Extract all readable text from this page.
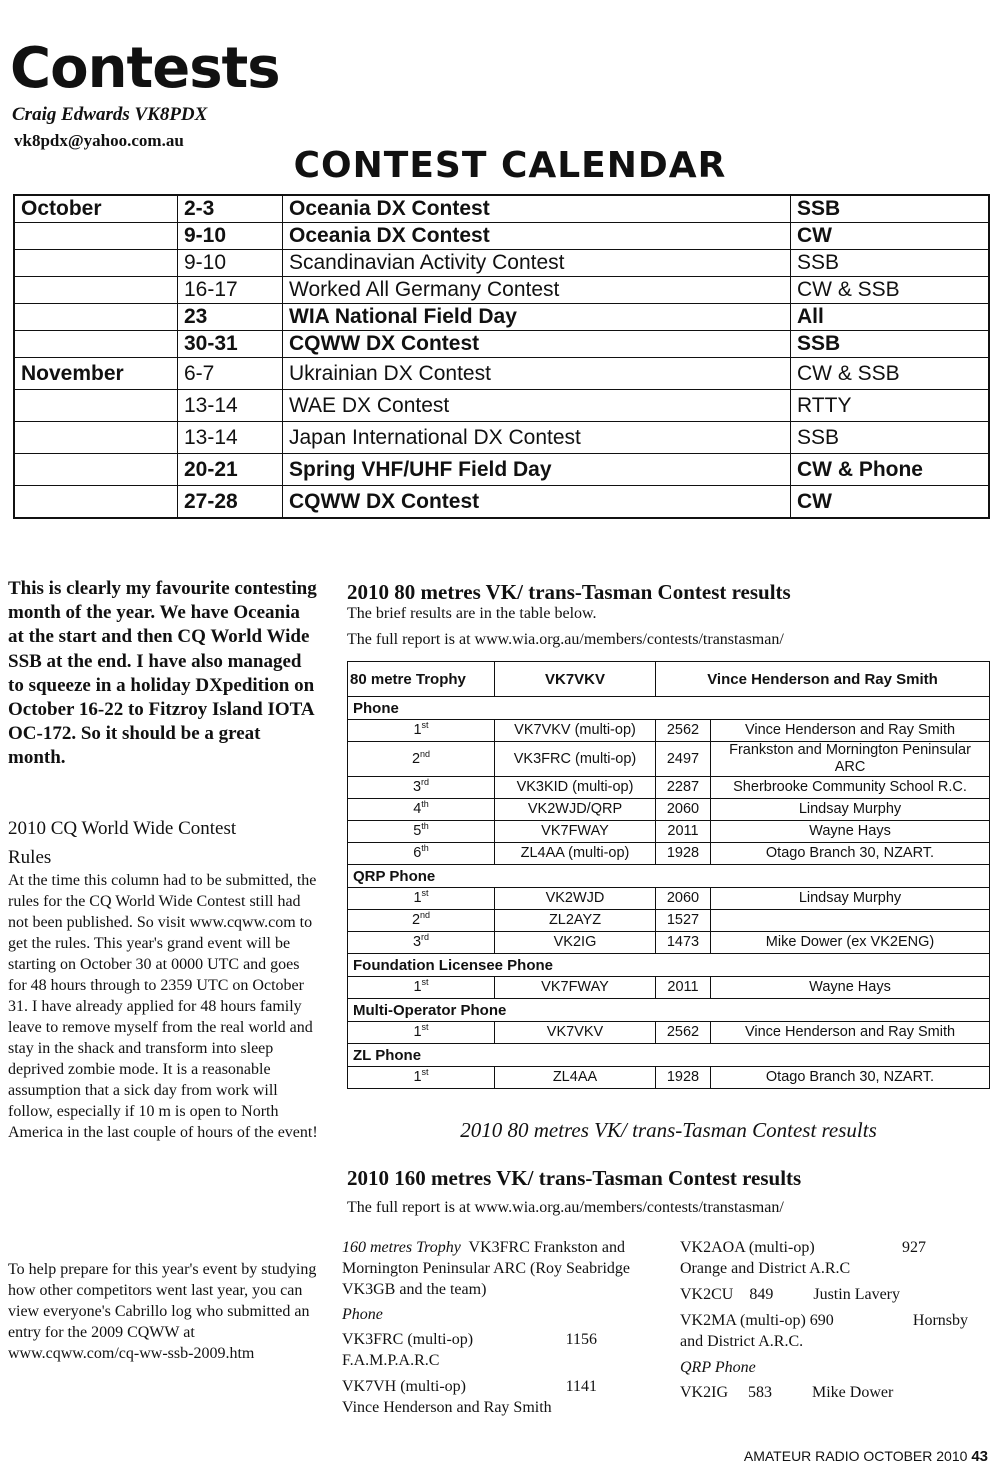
Contests
Craig Edwards VK8PDX
vk8pdx@yahoo.com.au
CONTEST CALENDAR
October	2-3	Oceania DX Contest	SSB
	9-10	Oceania DX Contest	CW
	9-10	Scandinavian Activity Contest	SSB
	16-17	Worked All Germany Contest	CW & SSB
	23	WIA National Field Day	All
	30-31	CQWW DX Contest	SSB
November	6-7	Ukrainian DX Contest	CW & SSB
	13-14	WAE DX Contest	RTTY
	13-14	Japan International DX Contest	SSB
	20-21	Spring VHF/UHF Field Day	CW & Phone
	27-28	CQWW DX Contest	CW
This is clearly my favourite contesting month of the year. We have Oceania at the start and then CQ World Wide SSB at the end. I have also managed to squeeze in a holiday DXpedition on October 16-22 to Fitzroy Island IOTA OC-172. So it should be a great month.
2010 CQ World Wide Contest
Rules
At the time this column had to be submitted, the rules for the CQ World Wide Contest still had not been published. So visit www.cqww.com to get the rules. This year's grand event will be starting on October 30 at 0000 UTC and goes for 48 hours through to 2359 UTC on October 31. I have already applied for 48 hours family leave to remove myself from the real world and stay in the shack and transform into sleep deprived zombie mode. It is a reasonable assumption that a sick day from work will follow, especially if 10 m is open to North America in the last couple of hours of the event!
To help prepare for this year's event by studying how other competitors went last year, you can view everyone's Cabrillo log who submitted an entry for the 2009 CQWW at www.cqww.com/cq-ww-ssb-2009.htm
2010 80 metres VK/ trans-Tasman Contest results
The brief results are in the table below.
The full report is at www.wia.org.au/members/contests/transtasman/
80 metre Trophy	VK7VKV	Vince Henderson and Ray Smith	
Phone			
1st	VK7VKV (multi-op)	2562	Vince Henderson and Ray Smith
2nd	VK3FRC (multi-op)	2497	Frankston and Mornington Peninsular ARC
3rd	VK3KID (multi-op)	2287	Sherbrooke Community School R.C.
4th	VK2WJD/QRP	2060	Lindsay Murphy
5th	VK7FWAY	2011	Wayne Hays
6th	ZL4AA (multi-op)	1928	Otago Branch 30, NZART.
QRP Phone			
1st	VK2WJD	2060	Lindsay Murphy
2nd	ZL2AYZ	1527	
3rd	VK2IG	1473	Mike Dower (ex VK2ENG)
Foundation Licensee Phone			
1st	VK7FWAY	2011	Wayne Hays
Multi-Operator Phone			
1st	VK7VKV	2562	Vince Henderson and Ray Smith
ZL Phone			
1st	ZL4AA	1928	Otago Branch 30, NZART.
2010 80 metres VK/ trans-Tasman Contest results
2010 160 metres VK/ trans-Tasman Contest results
The full report is at www.wia.org.au/members/contests/transtasman/

160 metres Trophy VK3FRC Frankston and Mornington Peninsular ARC (Roy Seabridge VK3GB and the team)

Phone

VK3FRC (multi-op)	1156

F.A.M.P.A.R.C

VK7VH (multi-op)	1141

Vince Henderson and Ray Smith

VK2AOA (multi-op)	927

Orange and District A.R.C

VK2CU 849	Justin Lavery

VK2MA (multi-op) 690	Hornsby

and District A.R.C.

QRP Phone

VK2IG 583	Mike Dower

AMATEUR RADIO OCTOBER 2010 43
